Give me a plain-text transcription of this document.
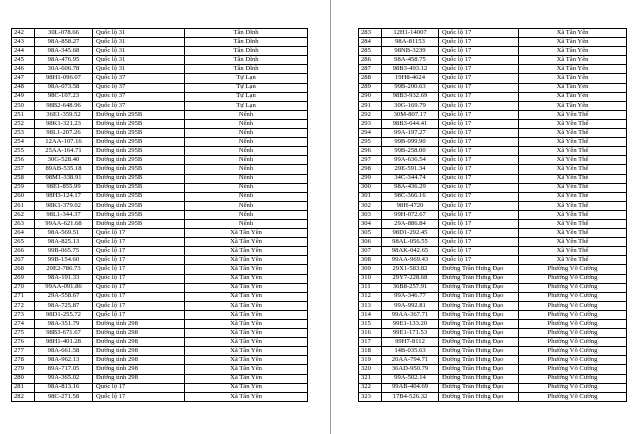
242	30L-078.66	Quốc lộ 31	Tân Dĩnh
243	98A-858.27	Quốc lộ 31	Tân Dĩnh
244	98A-345.68	Quốc lộ 31	Tân Dĩnh
245	98A-476.95	Quốc lộ 31	Tân Dĩnh
246	30A-606.78	Quốc lộ 31	Tân Dĩnh
247	98H1-096.07	Quốc lộ 37	Tự Lạn
248	98A-073.58	Quốc lộ 37	Tự Lạn
249	98C-107.23	Quốc lộ 37	Tự Lạn
250	98B2-648.96	Quốc lộ 37	Tự Lạn
251	36E1-359.52	Đường tỉnh 295B	Nếnh
252	98K1-321.23	Đường tỉnh 295B	Nếnh
253	98L1-207.26	Đường tỉnh 295B	Nếnh
254	12AA-107.16	Đường tỉnh 295B	Nếnh
255	25AA-164.71	Đường tỉnh 295B	Nếnh
256	30G-528.40	Đường tỉnh 295B	Nếnh
257	89AB-535.18	Đường tỉnh 295B	Nếnh
258	98M1-338.91	Đường tỉnh 295B	Nếnh
259	98E1-855.99	Đường tỉnh 295B	Nếnh
260	98H3-124.17	Đường tỉnh 295B	Nếnh
261	98K1-379.02	Đường tỉnh 295B	Nếnh
262	98L1-344.37	Đường tỉnh 295B	Nếnh
263	99AA-621.68	Đường tỉnh 295B	Nếnh
264	98A-569.51	Quốc lộ 17	Xã Tân Yên
265	98A-825.13	Quốc lộ 17	Xã Tân Yên
266	99B-065.75	Quốc lộ 17	Xã Tân Yên
267	99B-154.60	Quốc lộ 17	Xã Tân Yên
268	29E2-786.73	Quốc lộ 17	Xã Tân Yên
269	98A-191.33	Quốc lộ 17	Xã Tân Yên
270	99AA-091.86	Quốc lộ 17	Xã Tân Yên
271	29A-558.67	Quốc lộ 17	Xã Tân Yên
272	98A-725.87	Quốc lộ 17	Xã Tân Yên
273	98D1-255.72	Quốc lộ 17	Xã Tân Yên
274	98A-351.79	Đường tỉnh 298	Xã Tân Yên
275	98B3-671.67	Đường tỉnh 298	Xã Tân Yên
276	98H1-401.28	Đường tỉnh 298	Xã Tân Yên
277	98A-661.58	Đường tỉnh 298	Xã Tân Yên
278	98A-962.13	Đường tỉnh 298	Xã Tân Yên
279	89A-717.05	Đường tỉnh 298	Xã Tân Yên
280	99A-365.02	Đường tỉnh 298	Xã Tân Yên
281	98A-813.16	Quốc lộ 17	Xã Tân Yên
282	98C-271.58	Quốc lộ 17	Xã Tân Yên
283	12H1-14007	Quốc lộ 17	Xã Tân Yên
284	98A-81153	Quốc lộ 17	Xã Tân Yên
285	98NB-3239	Quốc lộ 17	Xã Tân Yên
286	98A-458.75	Quốc lộ 17	Xã Tân Yên
287	98B3-493.12	Quốc lộ 17	Xã Tân Yên
288	19H8-4624	Quốc lộ 17	Xã Tân Yên
289	99B-200.63	Quốc lộ 17	Xã Tân Yên
290	98B3-932.69	Quốc lộ 17	Xã Tân Yên
291	30G-169.79	Quốc lộ 17	Xã Tân Yên
292	30M-807.17	Quốc lộ 17	Xã Yên Thế
293	98B3-644.41	Quốc lộ 17	Xã Yên Thế
294	99A-197.27	Quốc lộ 17	Xã Yên Thế
295	99B-099.90	Quốc lộ 17	Xã Yên Thế
296	99B-258.00	Quốc lộ 17	Xã Yên Thế
297	99A-636.54	Quốc lộ 17	Xã Yên Thế
298	29E-591.34	Quốc lộ 17	Xã Yên Thế
299	34C-344.74	Quốc lộ 17	Xã Yên Thế
300	98A-436.29	Quốc lộ 17	Xã Yên Thế
301	98C-366.16	Quốc lộ 17	Xã Yên Thế
302	98H-4720	Quốc lộ 17	Xã Yên Thế
303	99H-072.67	Quốc lộ 17	Xã Yên Thế
304	29A-886.84	Quốc lộ 17	Xã Yên Thế
305	98D1-292.45	Quốc lộ 17	Xã Yên Thế
306	98AL-056.55	Quốc lộ 17	Xã Yên Thế
307	98AK-042.65	Quốc lộ 17	Xã Yên Thế
308	99AA-969.43	Quốc lộ 17	Xã Yên Thế
309	29X1-583.82	Đường Trần Hưng Đạo	Phường Võ Cường
310	29Y7-228.68	Đường Trần Hưng Đạo	Phường Võ Cường
311	36B8-257.91	Đường Trần Hưng Đạo	Phường Võ Cường
312	99A-346.77	Đường Trần Hưng Đạo	Phường Võ Cường
313	99A-992.81	Đường Trần Hưng Đạo	Phường Võ Cường
314	99AA-367.71	Đường Trần Hưng Đạo	Phường Võ Cường
315	99E1-133.20	Đường Trần Hưng Đạo	Phường Võ Cường
316	99E1-171.53	Đường Trần Hưng Đạo	Phường Võ Cường
317	99H7-8112	Đường Trần Hưng Đạo	Phường Võ Cường
318	14B-035.63	Đường Trần Hưng Đạo	Phường Võ Cường
319	20AA-794.71	Đường Trần Hưng Đạo	Phường Võ Cường
320	36AD-950.79	Đường Trần Hưng Đạo	Phường Võ Cường
321	99A-502.14	Đường Trần Hưng Đạo	Phường Võ Cường
322	99AB-404.69	Đường Trần Hưng Đạo	Phường Võ Cường
323	17B4-526.32	Đường Trần Hưng Đạo	Phường Võ Cường
